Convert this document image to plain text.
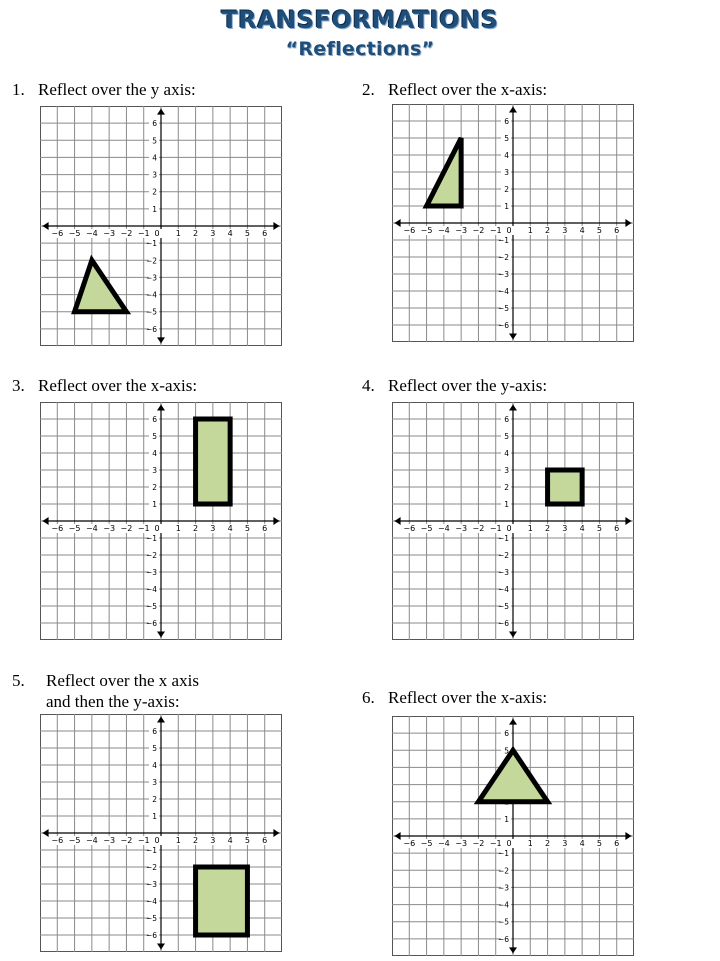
TRANSFORMATIONS
“Reflections”
1. Reflect over the y axis:
−6 −5 −4 −3 −2 −1 0 1 2 3 4 5 6
6
5
4
3
2
1
−1
−2
−3
−4
−5
−6
2. Reflect over the x-axis:
−6 −5 −4 −3 −2 −1 0 1 2 3 4 5 6
6
5
4
3
2
1
−1
−2
−3
−4
−5
−6
3. Reflect over the x-axis:
−6 −5 −4 −3 −2 −1 0 1 2 3 4 5 6
6
5
4
3
2
1
−1
−2
−3
−4
−5
−6
4. Reflect over the y-axis:
−6 −5 −4 −3 −2 −1 0 1 2 3 4 5 6
6
5
4
3
2
1
−1
−2
−3
−4
−5
−6
5. Reflect over the x axis
and then the y-axis:
−6 −5 −4 −3 −2 −1 0 1 2 3 4 5 6
6
5
4
3
2
1
−1
−2
−3
−4
−5
−6
6. Reflect over the x-axis:
−6 −5 −4 −3 −2 −1 0 1 2 3 4 5 6
6
5
1
−1
−2
−3
−4
−5
−6
